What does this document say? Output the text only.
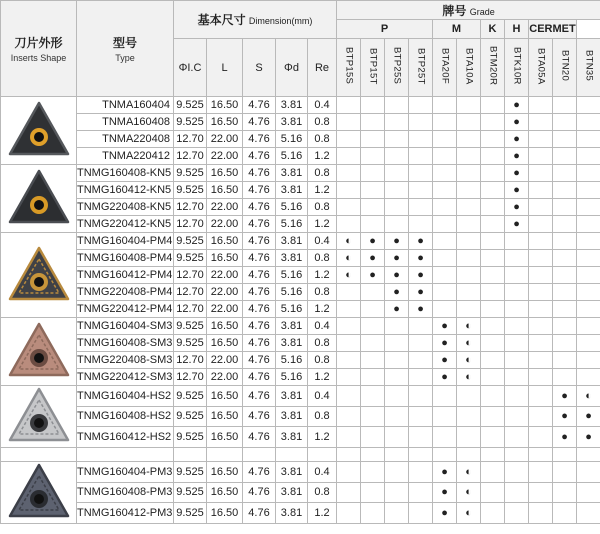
刀片外形
Inserts Shape	型号
Type	基本尺寸 Dimension(mm)					牌号 Grade										
							P				M		K	H	CERMET		
		ΦI.C	L	S	Φd	Re	BTP15S	BTP15T	BTP25S	BTP25T	BTA20F	BTA10A	BTM20R	BTK10R	BTA05A	BTN20	BTN35
	TNMA160404	9.525	16.50	4.76	3.81	0.4								●			
	TNMA160408	9.525	16.50	4.76	3.81	0.8								●			
	TNMA220408	12.70	22.00	4.76	5.16	0.8								●			
	TNMA220412	12.70	22.00	4.76	5.16	1.2								●			
	TNMG160408-KN5	9.525	16.50	4.76	3.81	0.8								●			
	TNMG160412-KN5	9.525	16.50	4.76	3.81	1.2								●			
	TNMG220408-KN5	12.70	22.00	4.76	5.16	0.8								●			
	TNMG220412-KN5	12.70	22.00	4.76	5.16	1.2								●			
	TNMG160404-PM4	9.525	16.50	4.76	3.81	0.4	◐	●	●	●							
	TNMG160408-PM4	9.525	16.50	4.76	3.81	0.8	◐	●	●	●							
	TNMG160412-PM4	12.70	22.00	4.76	5.16	1.2	◐	●	●	●							
	TNMG220408-PM4	12.70	22.00	4.76	5.16	0.8			●	●							
	TNMG220412-PM4	12.70	22.00	4.76	5.16	1.2			●	●							
	TNMG160404-SM3	9.525	16.50	4.76	3.81	0.4					●	◐					
	TNMG160408-SM3	9.525	16.50	4.76	3.81	0.8					●	◐					
	TNMG220408-SM3	12.70	22.00	4.76	5.16	0.8					●	◐					
	TNMG220412-SM3	12.70	22.00	4.76	5.16	1.2					●	◐					
	TNMG160404-HS2	9.525	16.50	4.76	3.81	0.4										●	◐
	TNMG160408-HS2	9.525	16.50	4.76	3.81	0.8										●	●
	TNMG160412-HS2	9.525	16.50	4.76	3.81	1.2										●	●

	TNMG160404-PM3	9.525	16.50	4.76	3.81	0.4					●	◐					
	TNMG160408-PM3	9.525	16.50	4.76	3.81	0.8					●	◐					
	TNMG160412-PM3	9.525	16.50	4.76	3.81	1.2					●	◐					
